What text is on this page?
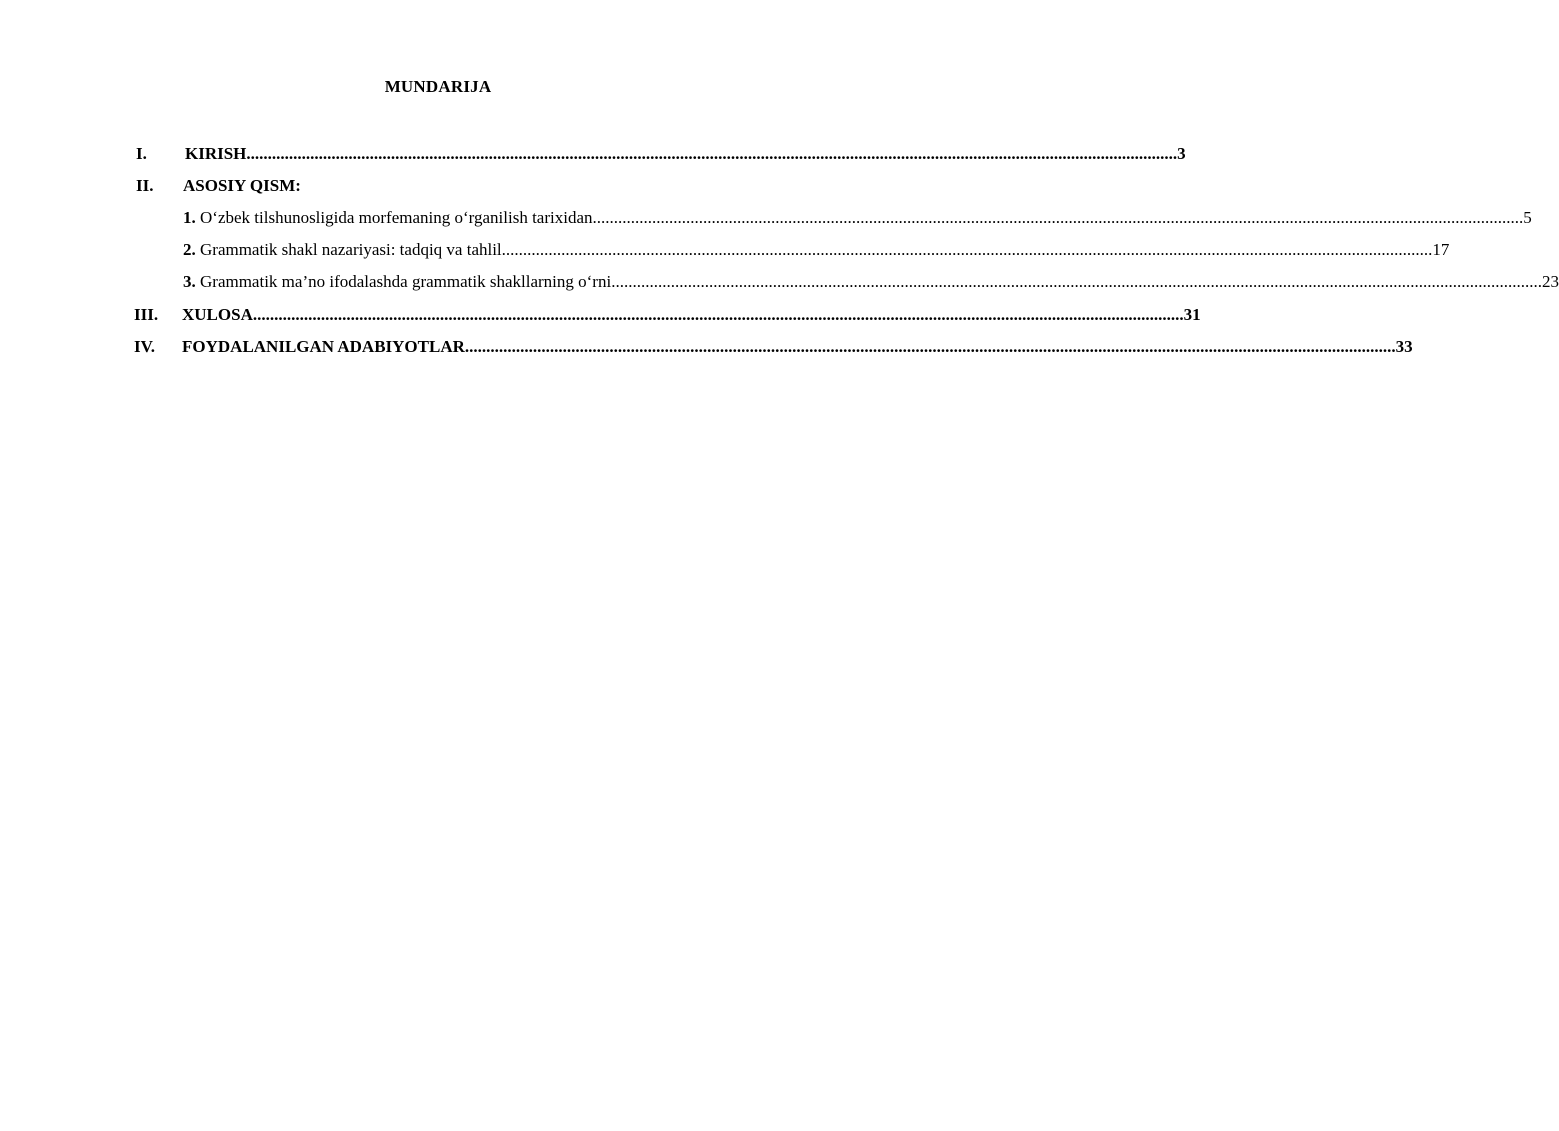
MUNDARIJA
I. KIRISH ........................................................................................................................................................................................................................... 3
II. ASOSIY QISM:
1. O‘zbek tilshunosligida morfemaning o‘rganilish tarixidan ........................................................................................................................................................................................................................... 5
2. Grammatik shakl nazariyasi: tadqiq va tahlil ........................................................................................................................................................................................................................... 17
3. Grammatik ma’no ifodalashda grammatik shakllarning o‘rni ........................................................................................................................................................................................................................... 23
III. XULOSA ........................................................................................................................................................................................................................... 31
IV. FOYDALANILGAN ADABIYOTLAR ........................................................................................................................................................................................................................... 33
